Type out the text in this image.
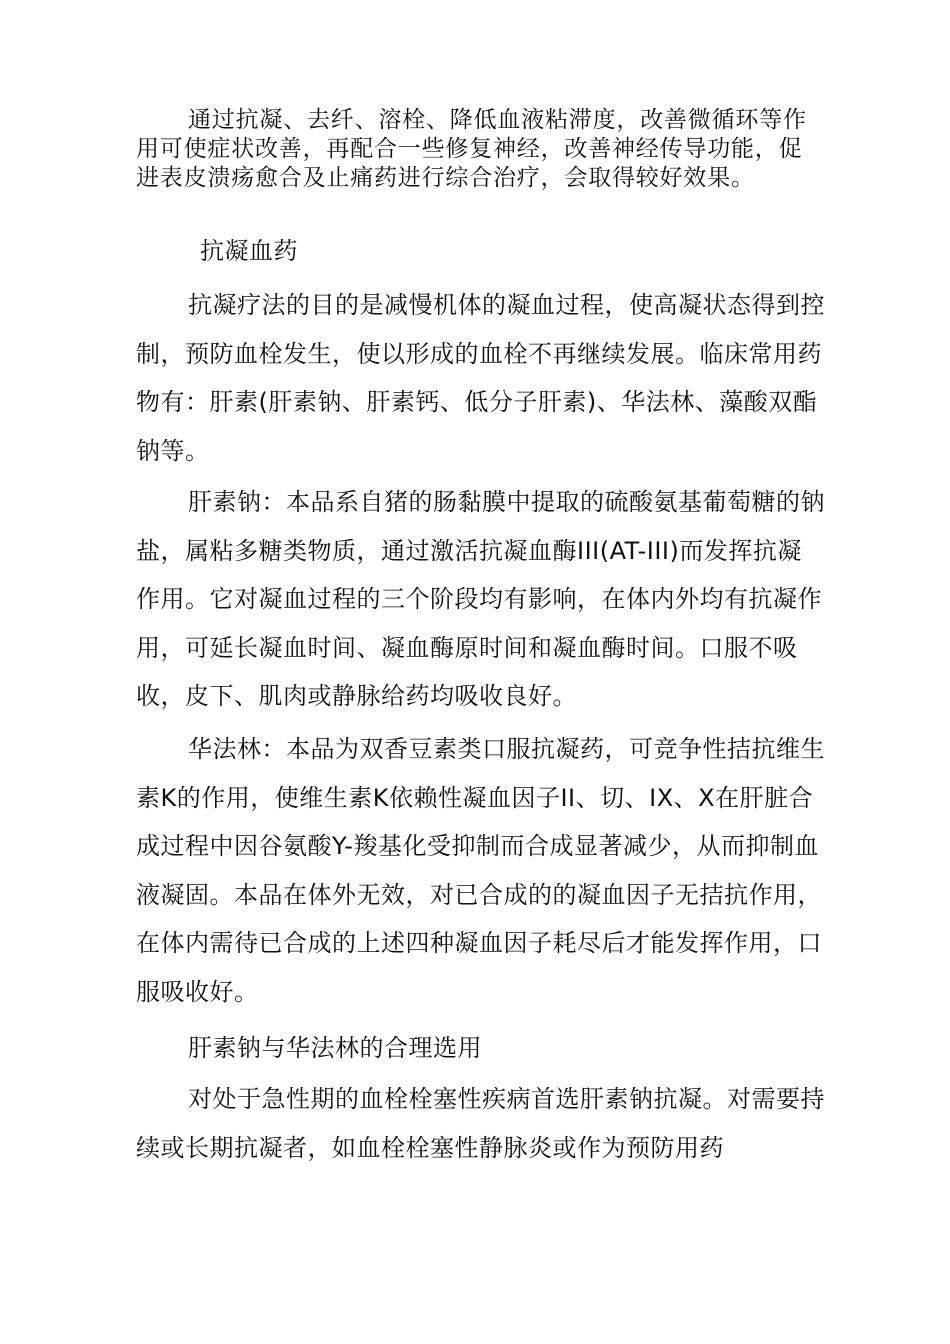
通过抗凝、去纤、溶栓、降低血液粘滞度，改善微循环等作用可使症状改善，再配合一些修复神经，改善神经传导功能，促进表皮溃疡愈合及止痛药进行综合治疗，会取得较好效果。

抗凝血药

抗凝疗法的目的是减慢机体的凝血过程，使高凝状态得到控制，预防血栓发生，使以形成的血栓不再继续发展。临床常用药物有：肝素(肝素钠、肝素钙、低分子肝素)、华法林、藻酸双酯钠等。

肝素钠：本品系自猪的肠黏膜中提取的硫酸氨基葡萄糖的钠盐，属粘多糖类物质，通过激活抗凝血酶III(AT-III)而发挥抗凝作用。它对凝血过程的三个阶段均有影响，在体内外均有抗凝作用，可延长凝血时间、凝血酶原时间和凝血酶时间。口服不吸收，皮下、肌肉或静脉给药均吸收良好。

华法林：本品为双香豆素类口服抗凝药，可竞争性拮抗维生素K的作用，使维生素K依赖性凝血因子II、切、IX、X在肝脏合成过程中因谷氨酸Y-羧基化受抑制而合成显著减少，从而抑制血液凝固。本品在体外无效，对已合成的的凝血因子无拮抗作用，在体内需待已合成的上述四种凝血因子耗尽后才能发挥作用，口服吸收好。

肝素钠与华法林的合理选用

对处于急性期的血栓栓塞性疾病首选肝素钠抗凝。对需要持续或长期抗凝者，如血栓栓塞性静脉炎或作为预防用药
